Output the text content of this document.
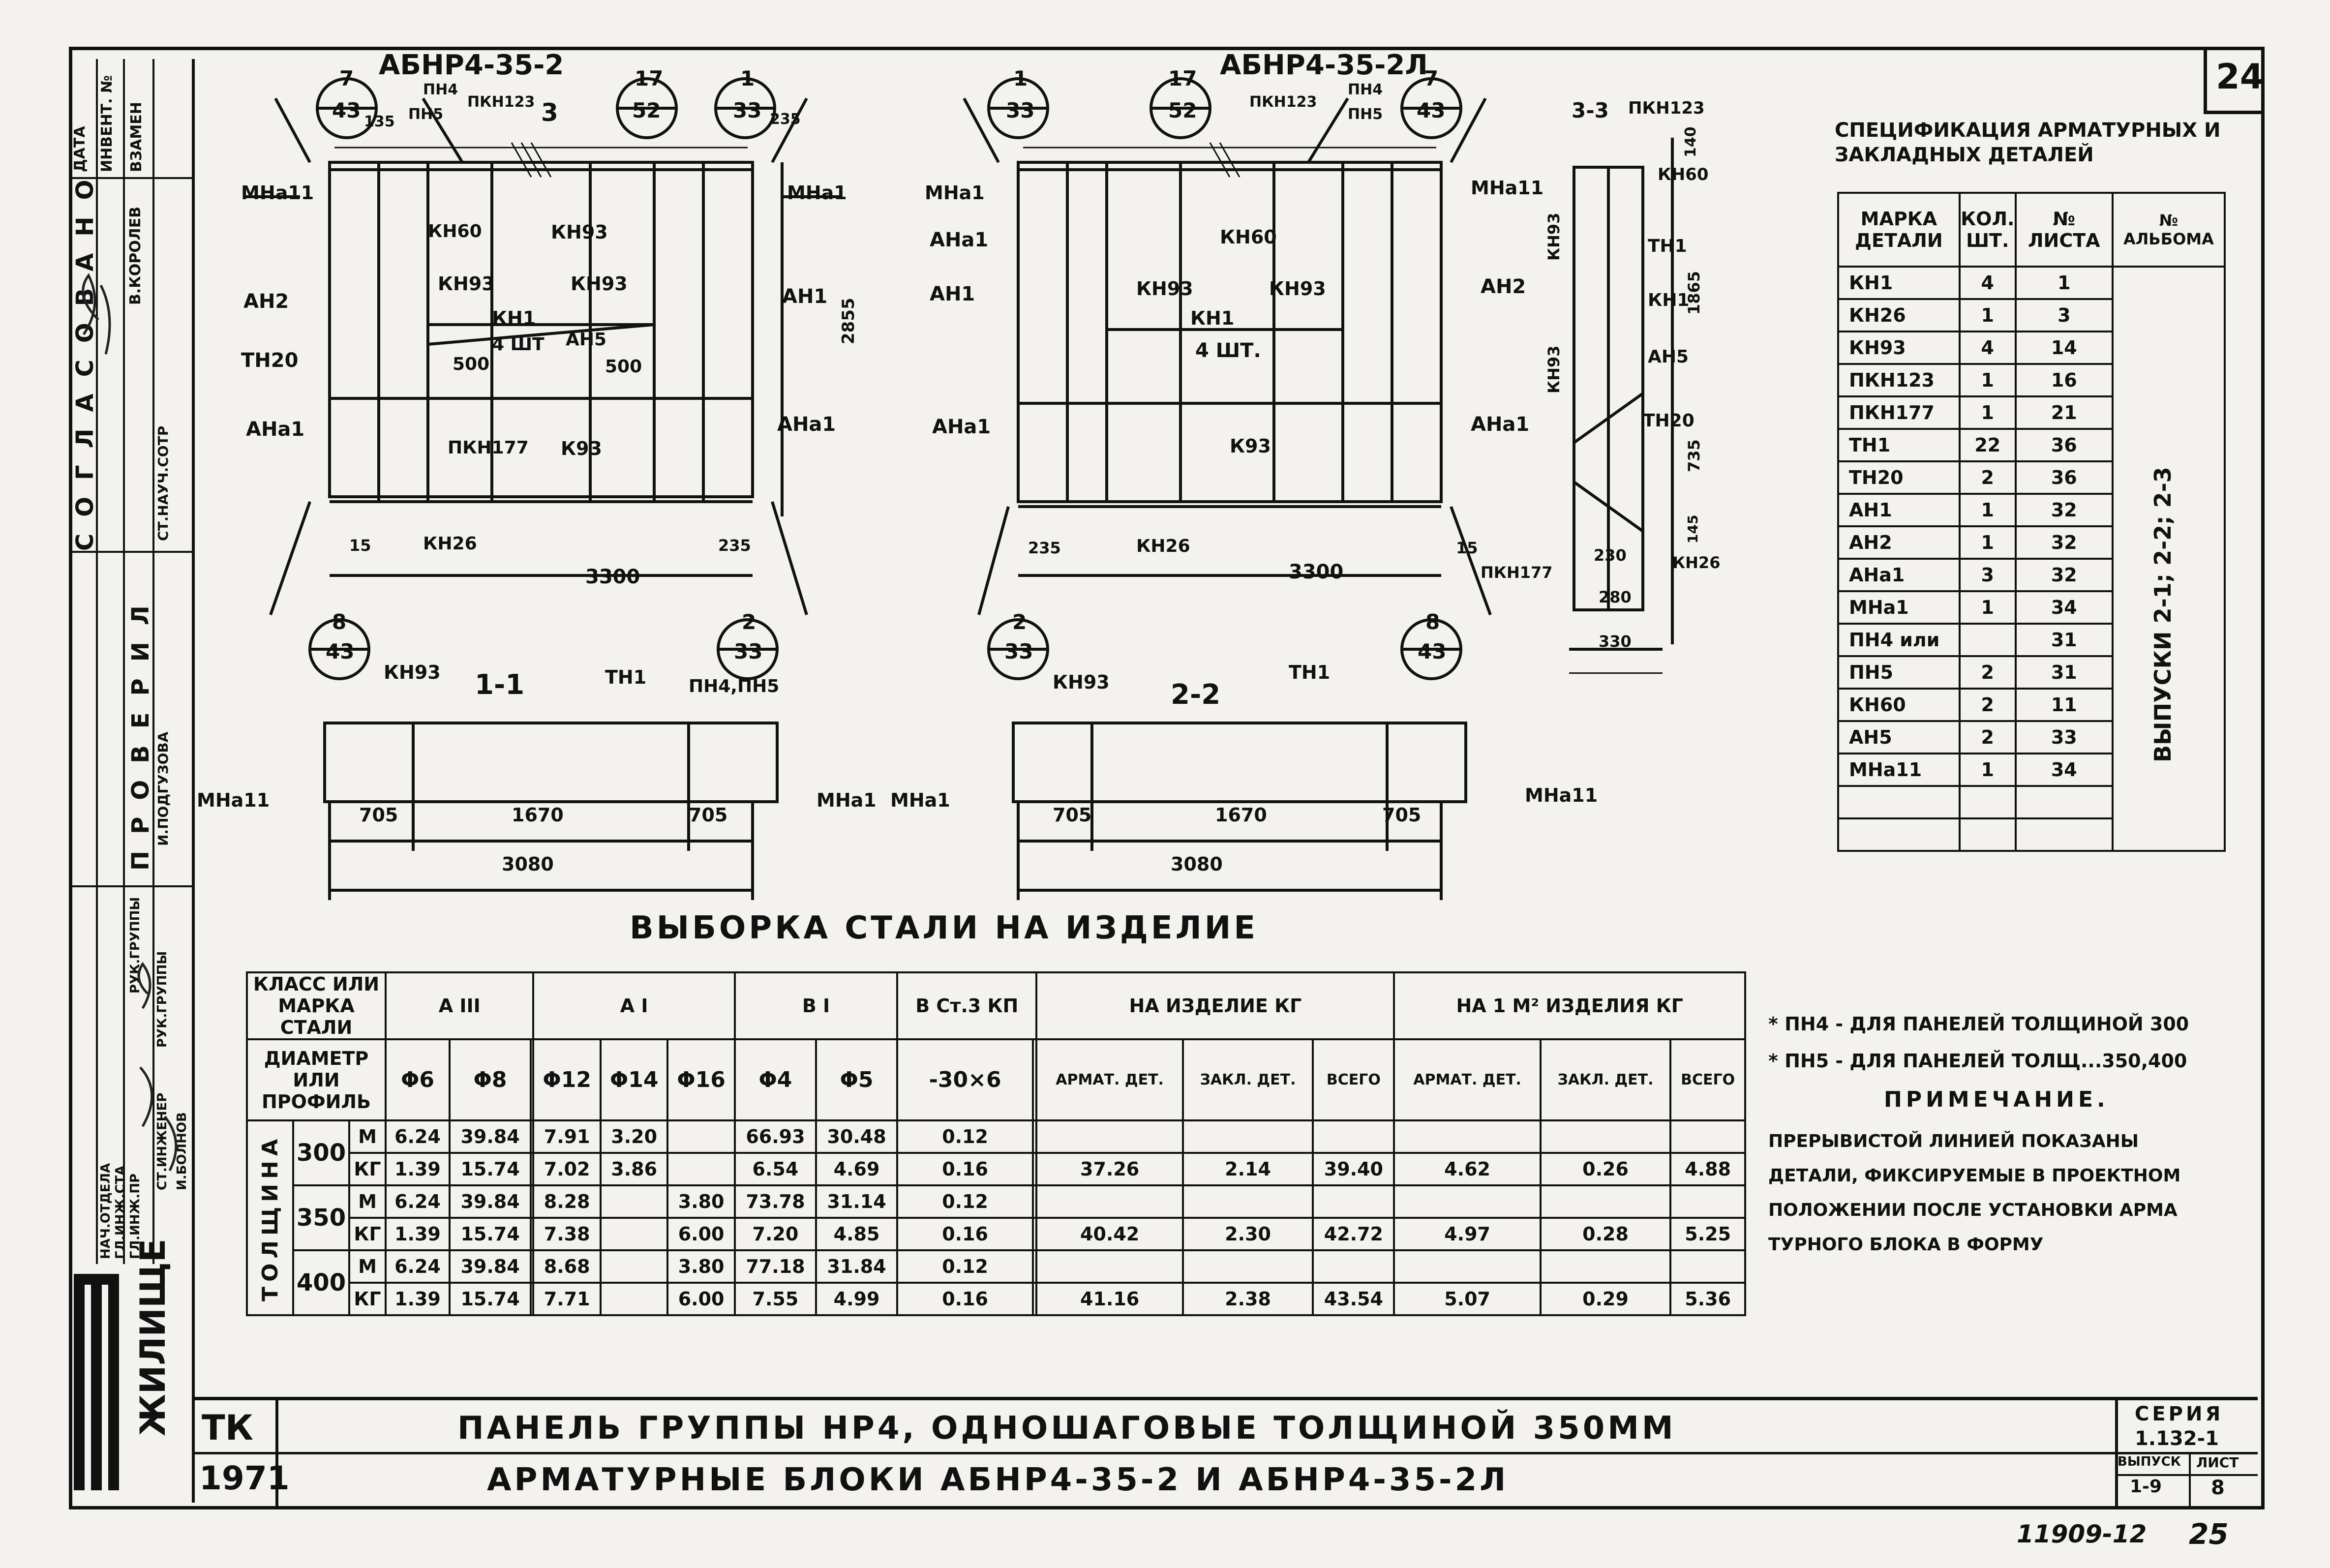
24
СОГЛАСОВАНО
ПРОВЕРИЛ
ДАТА ИНВЕНТ. № ВЗАМЕН
В.КОРОЛЕВ
СТ.НАУЧ.СОТР
И.ПОДГУЗОВА
РУК.ГРУППЫ
РУК.ГРУППЫ
СТ.ИНЖЕНЕР И.БОЛНОВ
НАЧ.ОТДЕЛА ГЛ.ИНЖ.СТА ГЛ.ИНЖ.ПР
ЖИЛИЩЕ
АБНР4-35-2
МНа11	МНа1
АН2	АН1
ТН20
АНа1	АНа1
КН60	КН93
КН93	КН93
КН1
4 ШТ АН5
500	500
ПКН177 К93
КН26
15	235
3300
2855
135
ПН4
ПН5
ПКН123 3	235
7
43
17
52
1
33
8
43
2
33
1-1
КН93	ТН1 ПН4,ПН5
МНа11	МНа1
705	1670	705
3080
АБНР4-35-2Л
МНа1	МНа11
АНа1
АН1	АН2
АНа1	АНа1
КН60
КН93	КН93
КН1
4 ШТ.
К93
235	КН26
3300
15
ПКН123
ПН4
ПН5
1
33
17
52
7
43
2
33
8
43
2-2
КН93	ТН1
МНа1	МНа11
705	1670	705
3080
3-3 ПКН123
140
КН60
КН93	ТН1
1865
КН1
КН93	АН5
ТН20
735
145
230
280
330
КН26
ПКН177
СПЕЦИФИКАЦИЯ АРМАТУРНЫХ И ЗАКЛАДНЫХ ДЕТАЛЕЙ
МАРКА ДЕТАЛИ	КОЛ. ШТ.	№ ЛИСТА	№ АЛЬБОМА
КН1	4	1	
КН26	1	3	
КН93	4	14	
ПКН123	1	16	
ПКН177	1	21	
ТН1	22	36	
ТН20	2	36	
АН1	1	32	
АН2	1	32	
АНа1	3	32	
МНа1	1	34	
ПН4 или		31	
ПН5	2	31	
КН60	2	11	
АН5	2	33	
МНа11	1	34	

ВЫПУСКИ 2-1; 2-2; 2-3
ВЫБОРКА СТАЛИ НА ИЗДЕЛИЕ
КЛАСС ИЛИ МАРКА СТАЛИ			А III			А I			В I		В Ст.3 КП		НА ИЗДЕЛИЕ КГ			НА 1 М² ИЗДЕЛИЯ КГ		
ДИАМЕТР ИЛИ ПРОФИЛЬ			Φ6	Φ8		Φ12	Φ14	Φ16	Φ4	Φ5	-30×6		АРМАТ. ДЕТ.	ЗАКЛ. ДЕТ.	ВСЕГО	АРМАТ. ДЕТ.	ЗАКЛ. ДЕТ.	ВСЕГО

ТОЛЩИНА	300	М	6.24	39.84		7.91	3.20		66.93	30.48	0.12							
		КГ	1.39	15.74		7.02	3.86		6.54	4.69	0.16		37.26	2.14	39.40	4.62	0.26	4.88
	350	М	6.24	39.84		8.28		3.80	73.78	31.14	0.12							
		КГ	1.39	15.74		7.38		6.00	7.20	4.85	0.16		40.42	2.30	42.72	4.97	0.28	5.25
	400	М	6.24	39.84		8.68		3.80	77.18	31.84	0.12							
		КГ	1.39	15.74		7.71		6.00	7.55	4.99	0.16		41.16	2.38	43.54	5.07	0.29	5.36
* ПН4 - ДЛЯ ПАНЕЛЕЙ ТОЛЩИНОЙ 300
* ПН5 - ДЛЯ ПАНЕЛЕЙ ТОЛЩ...350,400
ПРИМЕЧАНИЕ.
ПРЕРЫВИСТОЙ ЛИНИЕЙ ПОКАЗАНЫ
ДЕТАЛИ, ФИКСИРУЕМЫЕ В ПРОЕКТНОМ
ПОЛОЖЕНИИ ПОСЛЕ УСТАНОВКИ АРМА
ТУРНОГО БЛОКА В ФОРМУ
ТК
1971
ПАНЕЛЬ ГРУППЫ НР4, ОДНОШАГОВЫЕ ТОЛЩИНОЙ 350ММ
АРМАТУРНЫЕ БЛОКИ АБНР4-35-2 И АБНР4-35-2Л
СЕРИЯ
1.132-1
ВЫПУСК
1-9
ЛИСТ
8
11909-12 25
